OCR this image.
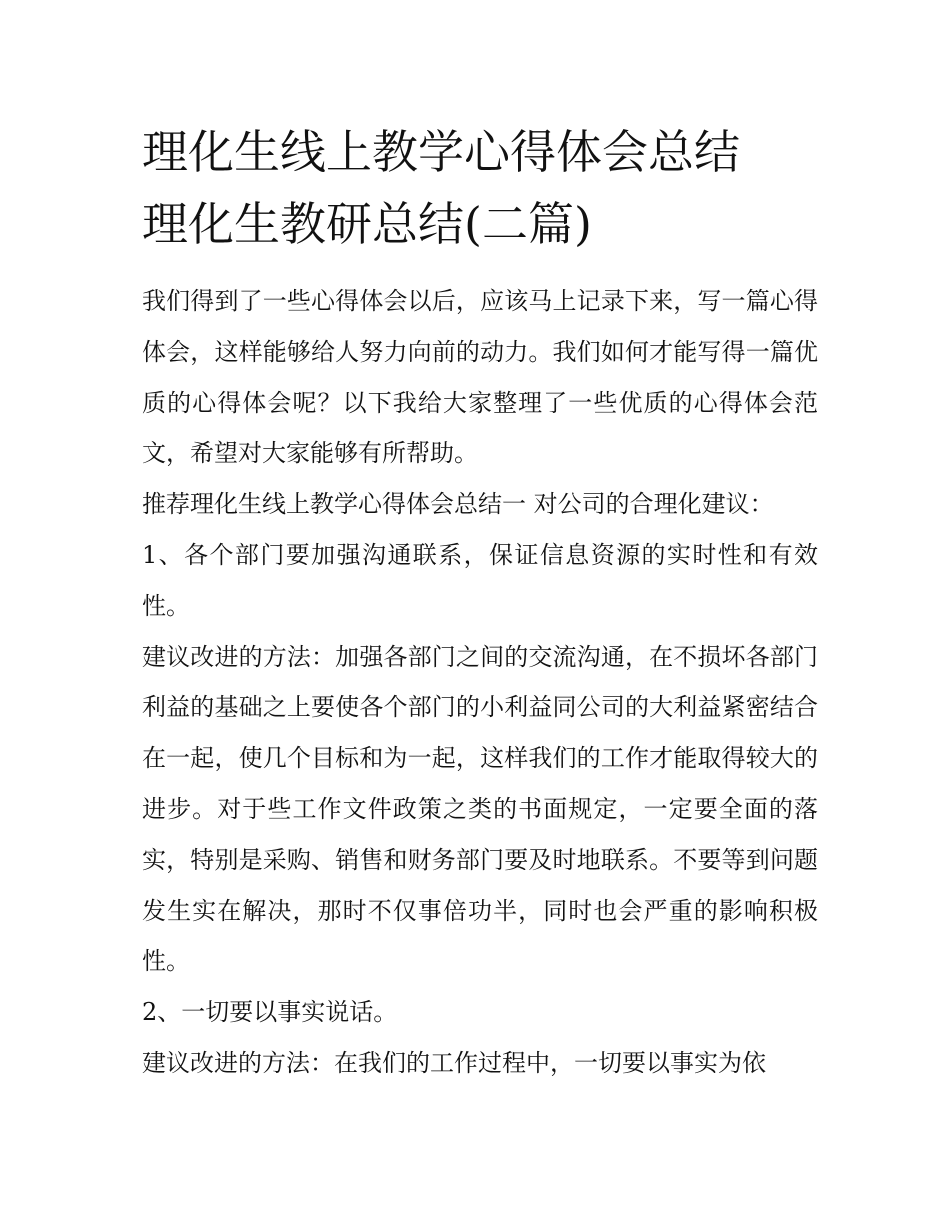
理化生线上教学心得体会总结
理化生教研总结(二篇)

我们得到了一些心得体会以后，应该马上记录下来，写一篇心得体会，这样能够给人努力向前的动力。我们如何才能写得一篇优质的心得体会呢？以下我给大家整理了一些优质的心得体会范文，希望对大家能够有所帮助。

推荐理化生线上教学心得体会总结一 对公司的合理化建议：

1、各个部门要加强沟通联系，保证信息资源的实时性和有效性。

建议改进的方法：加强各部门之间的交流沟通，在不损坏各部门利益的基础之上要使各个部门的小利益同公司的大利益紧密结合在一起，使几个目标和为一起，这样我们的工作才能取得较大的进步。对于些工作文件政策之类的书面规定，一定要全面的落实，特别是采购、销售和财务部门要及时地联系。不要等到问题发生实在解决，那时不仅事倍功半，同时也会严重的影响积极性。

2、一切要以事实说话。

建议改进的方法：在我们的工作过程中，一切要以事实为依
